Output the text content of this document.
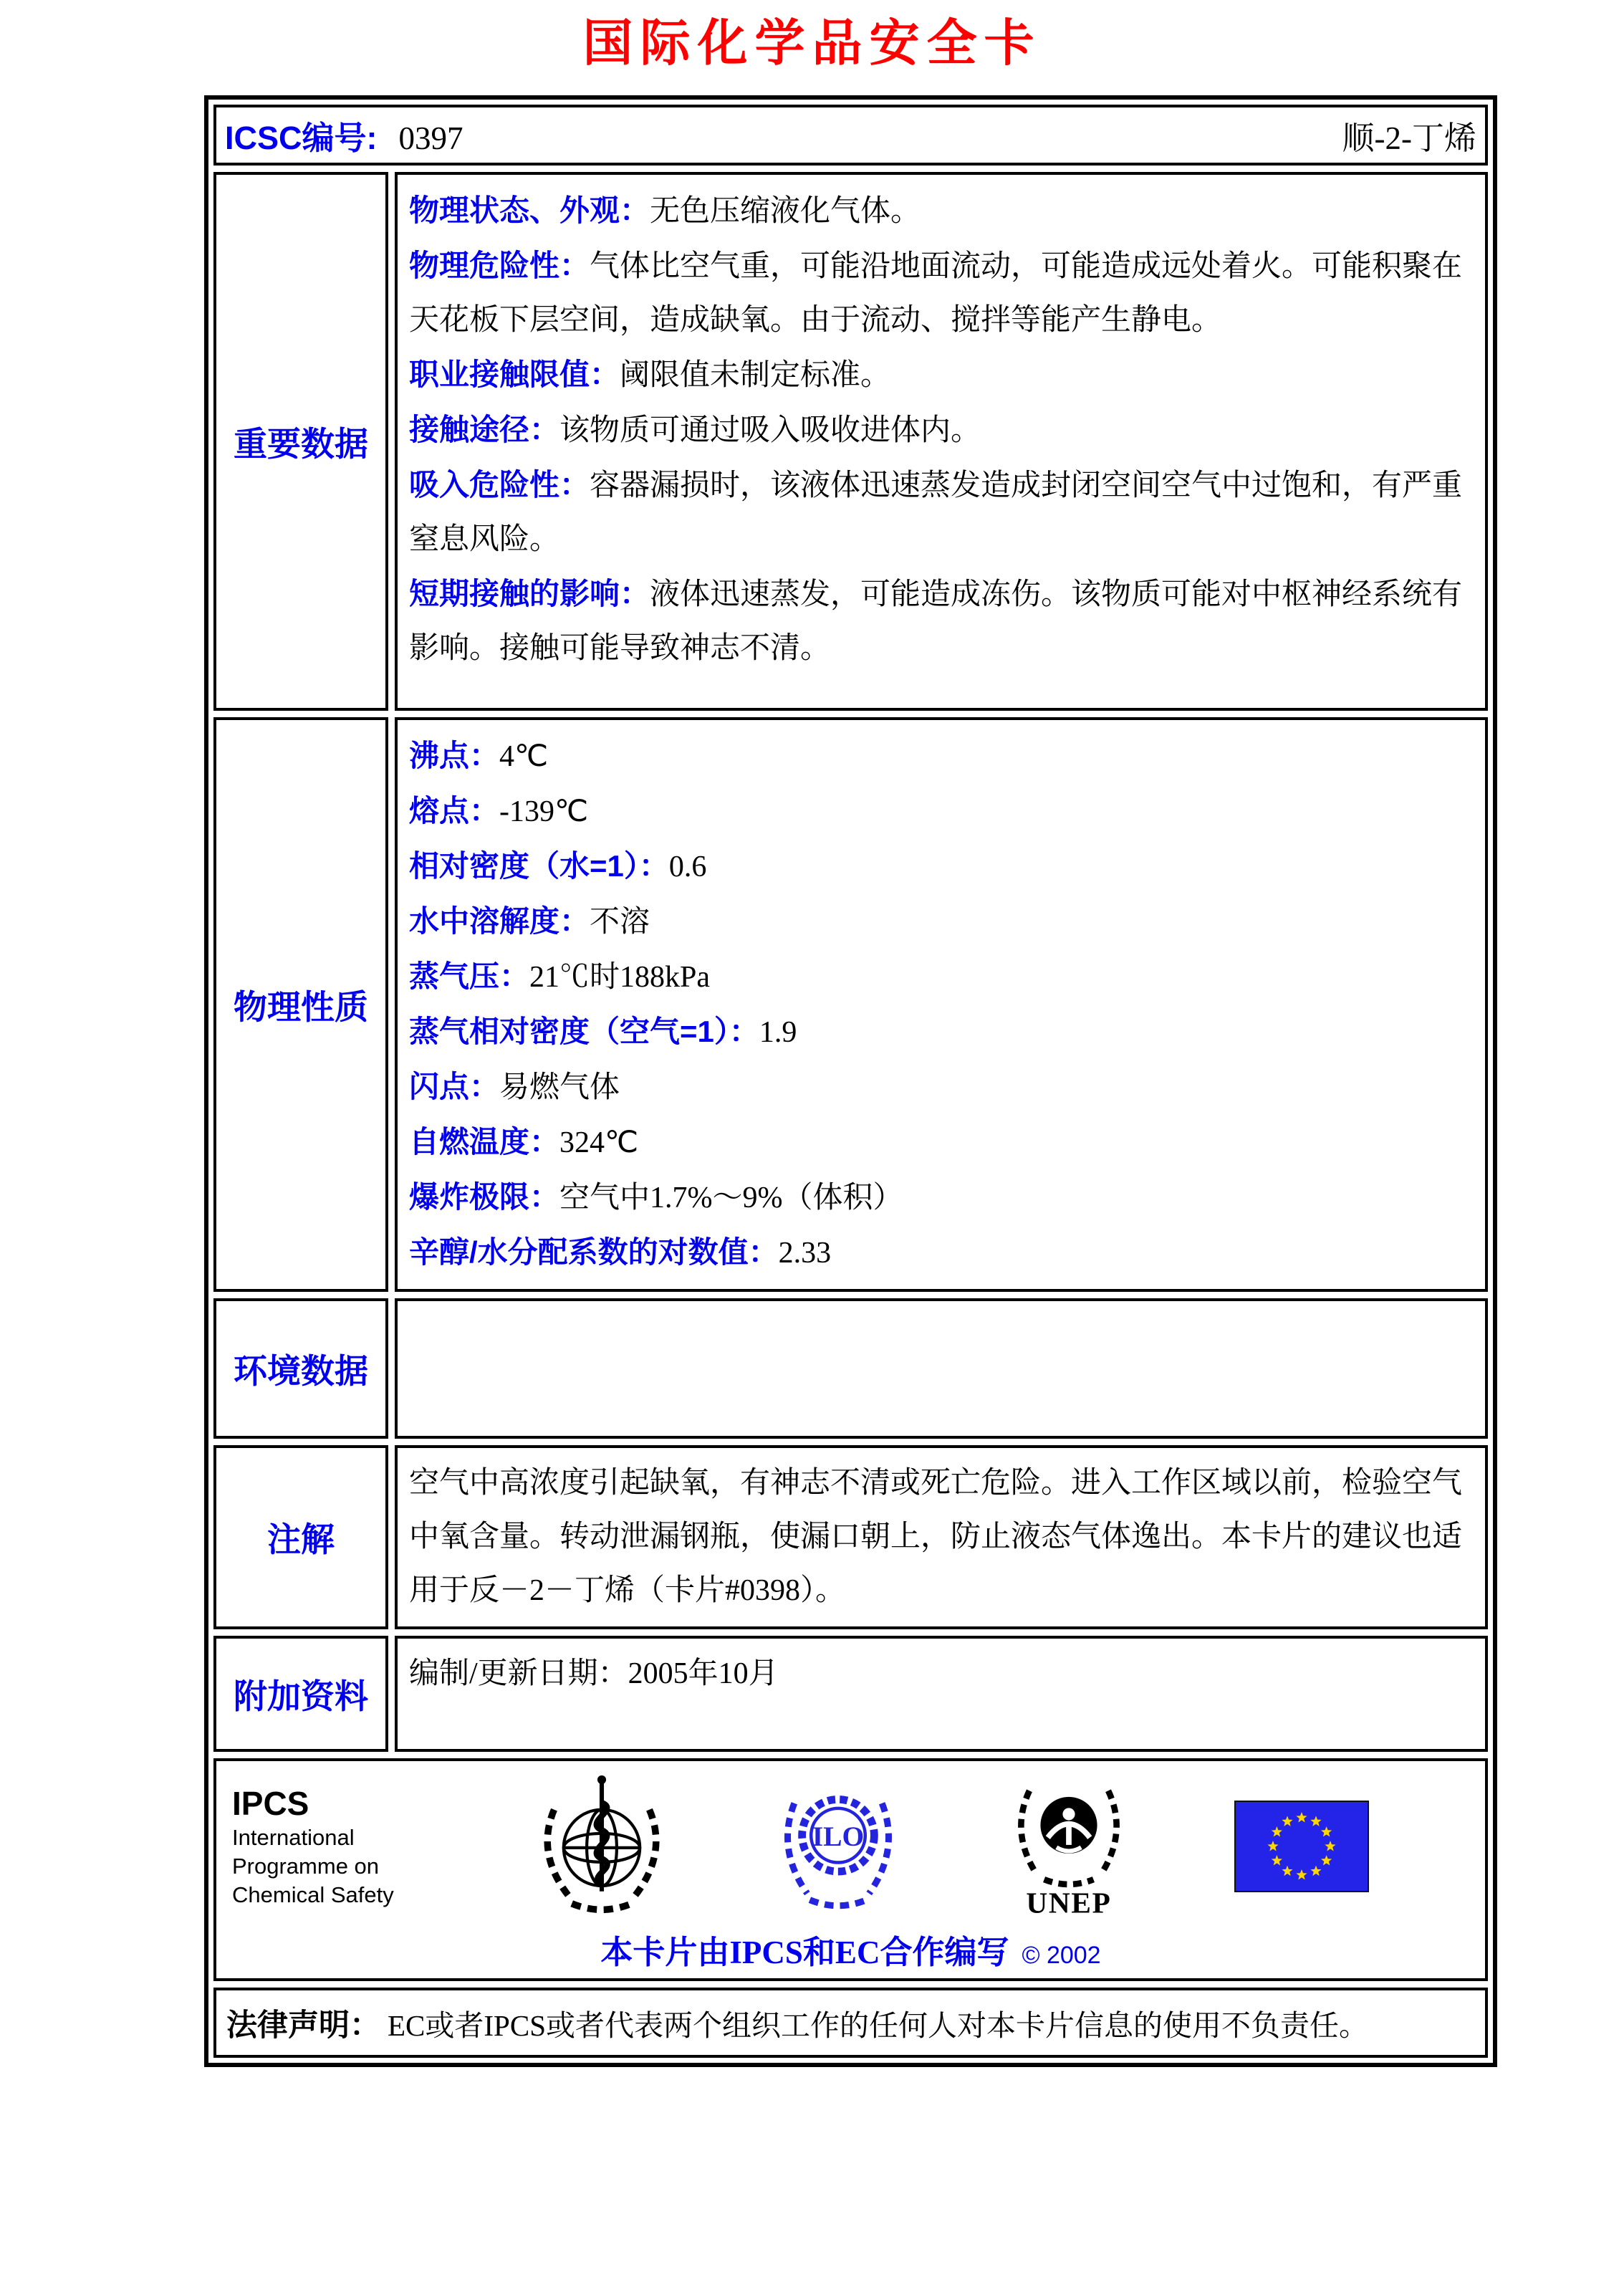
国际化学品安全卡
ICSC编号: 0397	顺-2-丁烯
重要数据

物理状态、外观：无色压缩液化气体。

物理危险性：气体比空气重，可能沿地面流动，可能造成远处着火。可能积聚在天花板下层空间，造成缺氧。由于流动、搅拌等能产生静电。

职业接触限值：阈限值未制定标准。

接触途径：该物质可通过吸入吸收进体内。

吸入危险性：容器漏损时，该液体迅速蒸发造成封闭空间空气中过饱和，有严重窒息风险。

短期接触的影响：液体迅速蒸发，可能造成冻伤。该物质可能对中枢神经系统有影响。接触可能导致神志不清。

物理性质

沸点：4℃

熔点：-139℃

相对密度（水=1）：0.6

水中溶解度：不溶

蒸气压：21℃时188kPa

蒸气相对密度（空气=1）：1.9

闪点：易燃气体

自燃温度：324℃

爆炸极限：空气中1.7%～9%（体积）

辛醇/水分配系数的对数值：2.33

环境数据

注解

空气中高浓度引起缺氧，有神志不清或死亡危险。进入工作区域以前，检验空气中氧含量。转动泄漏钢瓶，使漏口朝上，防止液态气体逸出。本卡片的建议也适用于反－2－丁烯（卡片#0398）。

附加资料

编制/更新日期：2005年10月

IPCS
International
Programme on
Chemical Safety
ILO
UNEP
本卡片由IPCS和EC合作编写 © 2002
法律声明： EC或者IPCS或者代表两个组织工作的任何人对本卡片信息的使用不负责任。
